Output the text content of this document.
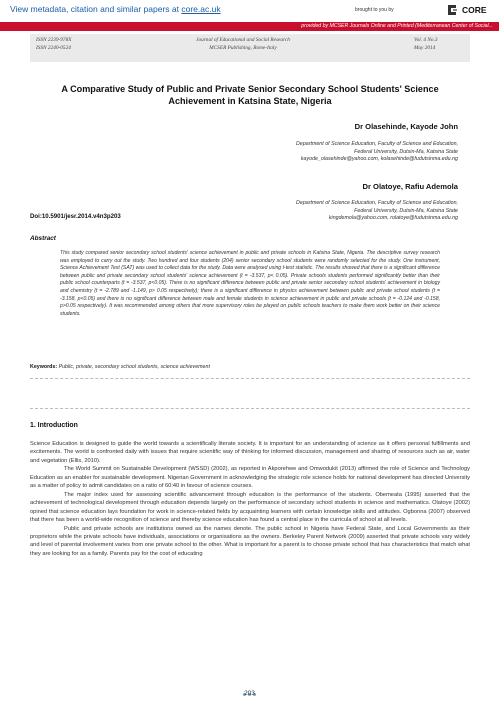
View metadata, citation and similar papers at core.ac.uk	brought to you by	CORE
provided by MCSER Journals Online and Printed (Mediterranean Center of Social...
ISSN 2239-978X
ISSN 2240-0524
Journal of Educational and Social Research
MCSER Publishing, Rome-Italy
Vol. 4 No.3
May 2014
A Comparative Study of Public and Private Senior Secondary School Students' Science
Achievement in Katsina State, Nigeria
Dr Olasehinde, Kayode John
Department of Science Education, Faculty of Science and Education,
Federal University, Dutsin-Ma, Katsina State
kayode_olasehinde@yahoo.com, kolasehinde@fudutsinma.edu.ng
Dr Olatoye, Rafiu Ademola
Department of Science Education, Faculty of Science and Education,
Federal University, Dutsin-Ma, Katsina State
kingdemola@yahoo.com, rolatoye@fudutsinma.edu.ng
Doi:10.5901/jesr.2014.v4n3p203
Abstract
This study compared senior secondary school students' science achievement in public and private schools in Katsina State, Nigeria. The descriptive survey research was employed to carry out the study. Two hundred and four students (204) senior secondary school students were randomly selected for the study. One instrument, Science Achievement Test (SAT) was used to collect data for the study. Data were analysed using t-test statistic. The results showed that there is a significant difference between public and private secondary school students' science achievement (t = -3.537, p< 0.05). Private schools students performed significantly better than their public school counterparts (t = -3.537, p<0.05). There is no significant difference between public and private senior secondary school students' achievement in biology and chemistry (t = -2.789 and -1.149, p> 0.05 respectively); there is a significant difference in physics achievement between public and private school students (t = -3.158, p<0.05) and there is no significant difference between male and female students in science achievement in public and private schools (t = -0.124 and -0.158, p>0.05 respectively). It was recommended among others that more supervisory roles be played on public schools teachers to make them work better on their science students.
Keywords: Public, private, secondary school students, science achievement
1. Introduction

Science Education is designed to guide the world towards a scientifically literate society. It is important for an understanding of science as it offers personal fulfillments and excitements. The world is confronted daily with issues that require scientific way of thinking for informed discussion, management and sharing of resources such as air, water and vegetation (Ellis, 2010).

The World Summit on Sustainable Development (WSSD) (2002), as reported in Akporehwe and Omwodukit (2013) affirmed the role of Science and Technology Education as an enabler for sustainable development. Nigerian Government in acknowledging the strategic role science holds for national development has directed University as a matter of policy to admit candidates on a ratio of 60:40 in favour of science courses.

The major index used for assessing scientific advancement through education is the performance of the students. Obemeata (1995) asserted that the achievement of technological development through education depends largely on the performance of secondary school students in science and mathematics. Olatoye (2002) opined that science education lays foundation for work in science-related fields by acquainting learners with certain knowledge skills and attitudes. Ogbonna (2007) observed that there has been a world-wide recognition of science and thereby science education has found a central place in the curricula of school at all levels.

Public and private schools are institutions owned as the names denote. The public school in Nigeria have Federal State, and Local Governments as their proprietors while the private schools have individuals, associations or organisations as the owners. Berkeley Parent Network (2009) asserted that private schools vary widely and level of parental involvement varies from one private school to the other. What is important for a parent is to choose private school that has characteristics that match what they are looking for as a family. Parents pay for the cost of educating

203
